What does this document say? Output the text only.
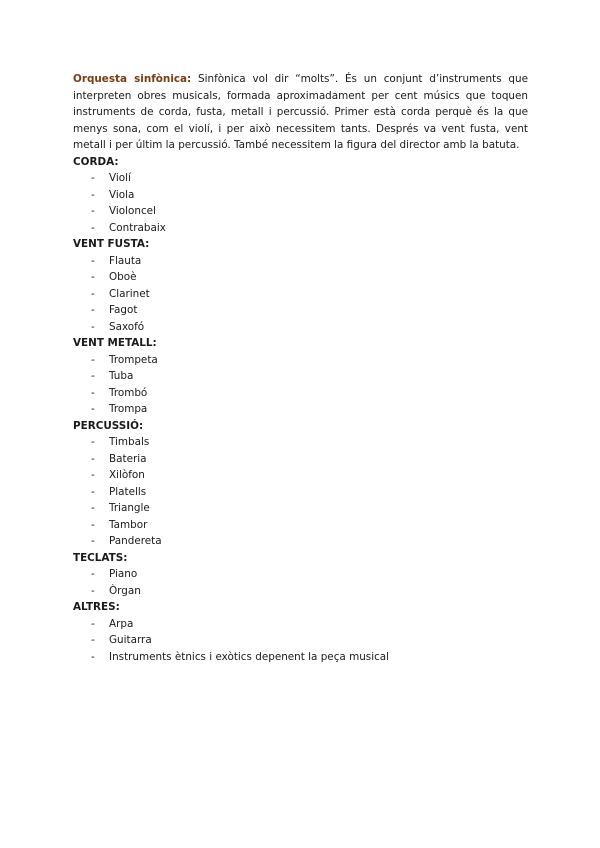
Orquesta sinfònica: Sinfònica vol dir “molts”. És un conjunt d’instruments que interpreten obres musicals, formada aproximadament per cent músics que toquen instruments de corda, fusta, metall i percussió. Primer està corda perquè és la que menys sona, com el violí, i per això necessitem tants. Després va vent fusta, vent metall i per últim la percussió. També necessitem la figura del director amb la batuta.

CORDA:

- Violí
- Viola
- Violoncel
- Contrabaix

VENT FUSTA:

- Flauta
- Oboè
- Clarinet
- Fagot
- Saxofó

VENT METALL:

- Trompeta
- Tuba
- Trombó
- Trompa

PERCUSSIÓ:

- Timbals
- Bateria
- Xilòfon
- Platells
- Triangle
- Tambor
- Pandereta

TECLATS:

- Piano
- Òrgan

ALTRES:

- Arpa
- Guitarra
- Instruments ètnics i exòtics depenent la peça musical
